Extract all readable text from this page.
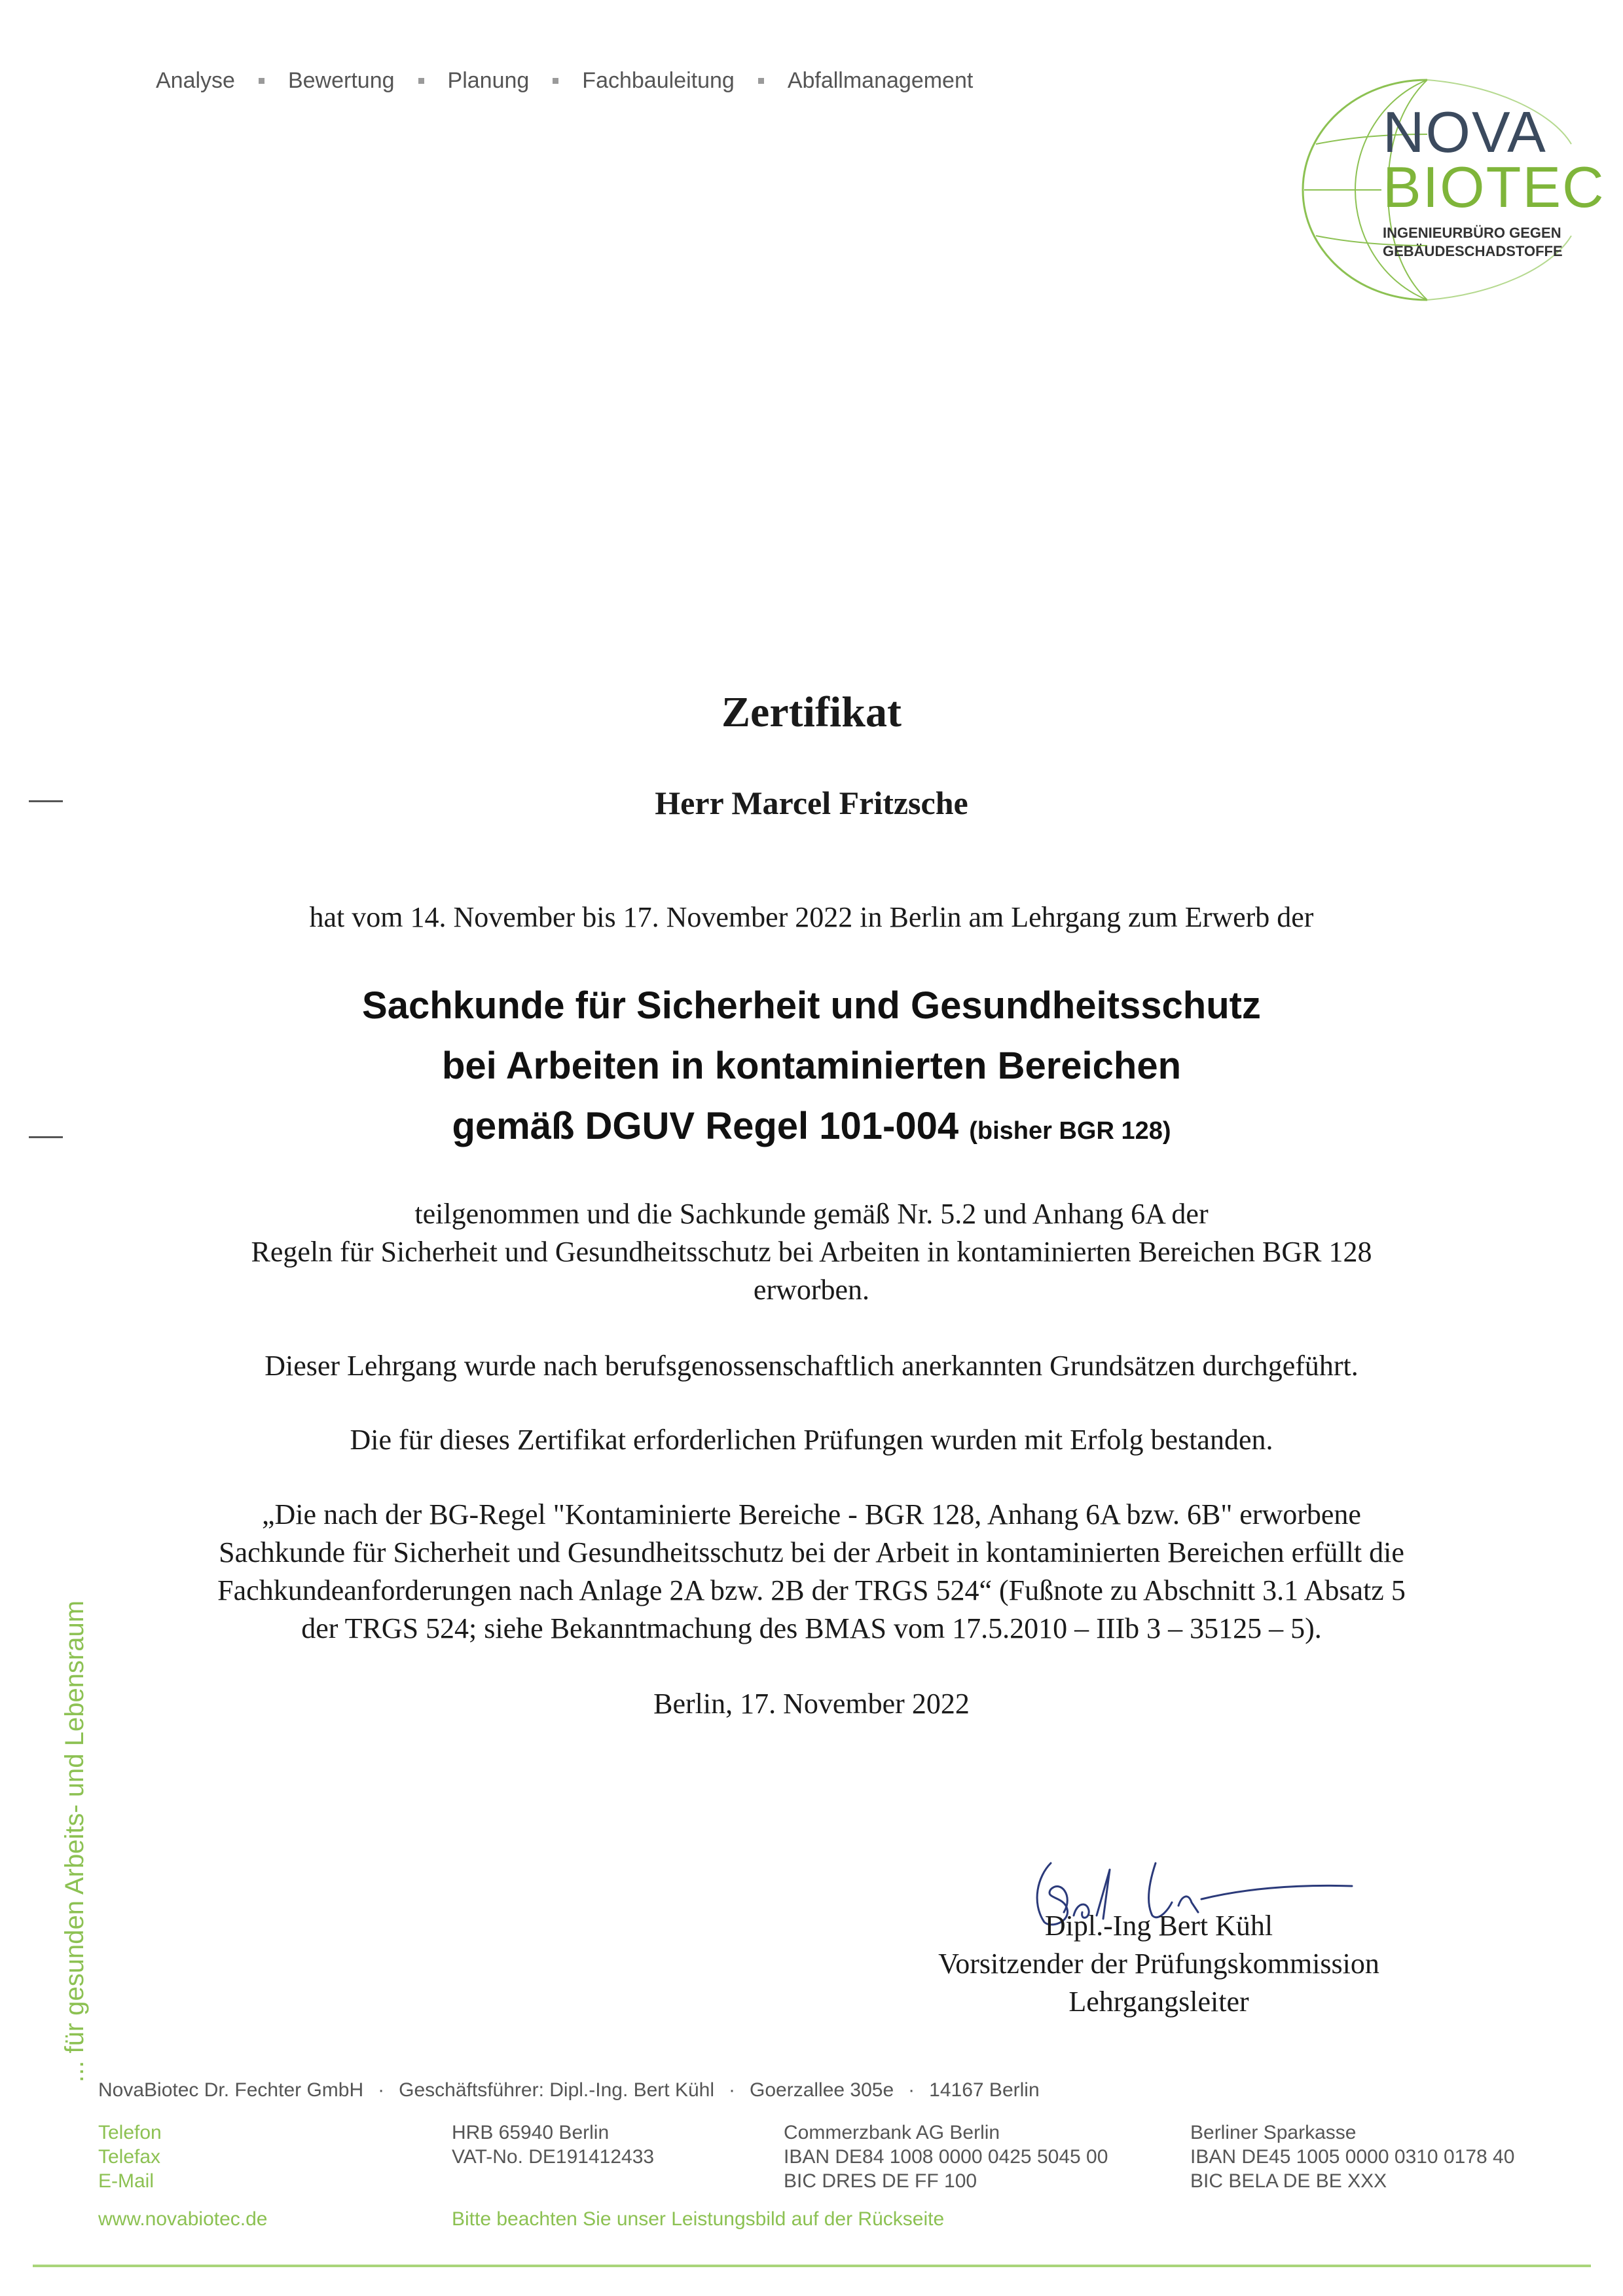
Analyse Bewertung Planung Fachbauleitung Abfallmanagement
NOVA
BIOTEC
INGENIEURBÜRO GEGEN
GEBÄUDESCHADSTOFFE
... für gesunden Arbeits- und Lebensraum
Zertifikat
Herr Marcel Fritzsche
hat vom 14. November bis 17. November 2022 in Berlin am Lehrgang zum Erwerb der
Sachkunde für Sicherheit und Gesundheitsschutz
bei Arbeiten in kontaminierten Bereichen
gemäß DGUV Regel 101-004 (bisher BGR 128)
teilgenommen und die Sachkunde gemäß Nr. 5.2 und Anhang 6A der
Regeln für Sicherheit und Gesundheitsschutz bei Arbeiten in kontaminierten Bereichen BGR 128
erworben.
Dieser Lehrgang wurde nach berufsgenossenschaftlich anerkannten Grundsätzen durchgeführt.
Die für dieses Zertifikat erforderlichen Prüfungen wurden mit Erfolg bestanden.
„Die nach der BG-Regel "Kontaminierte Bereiche - BGR 128, Anhang 6A bzw. 6B" erworbene
Sachkunde für Sicherheit und Gesundheitsschutz bei der Arbeit in kontaminierten Bereichen erfüllt die
Fachkundeanforderungen nach Anlage 2A bzw. 2B der TRGS 524“ (Fußnote zu Abschnitt 3.1 Absatz 5
der TRGS 524; siehe Bekanntmachung des BMAS vom 17.5.2010 – IIIb 3 – 35125 – 5).
Berlin, 17. November 2022
Dipl.-Ing Bert Kühl
Vorsitzender der Prüfungskommission
Lehrgangsleiter
NovaBiotec Dr. Fechter GmbH · Geschäftsführer: Dipl.-Ing. Bert Kühl · Goerzallee 305e · 14167 Berlin
Telefon
Telefax
E-Mail
HRB 65940 Berlin
VAT-No. DE191412433
Commerzbank AG Berlin
IBAN DE84 1008 0000 0425 5045 00
BIC DRES DE FF 100
Berliner Sparkasse
IBAN DE45 1005 0000 0310 0178 40
BIC BELA DE BE XXX
www.novabiotec.de	Bitte beachten Sie unser Leistungsbild auf der Rückseite
